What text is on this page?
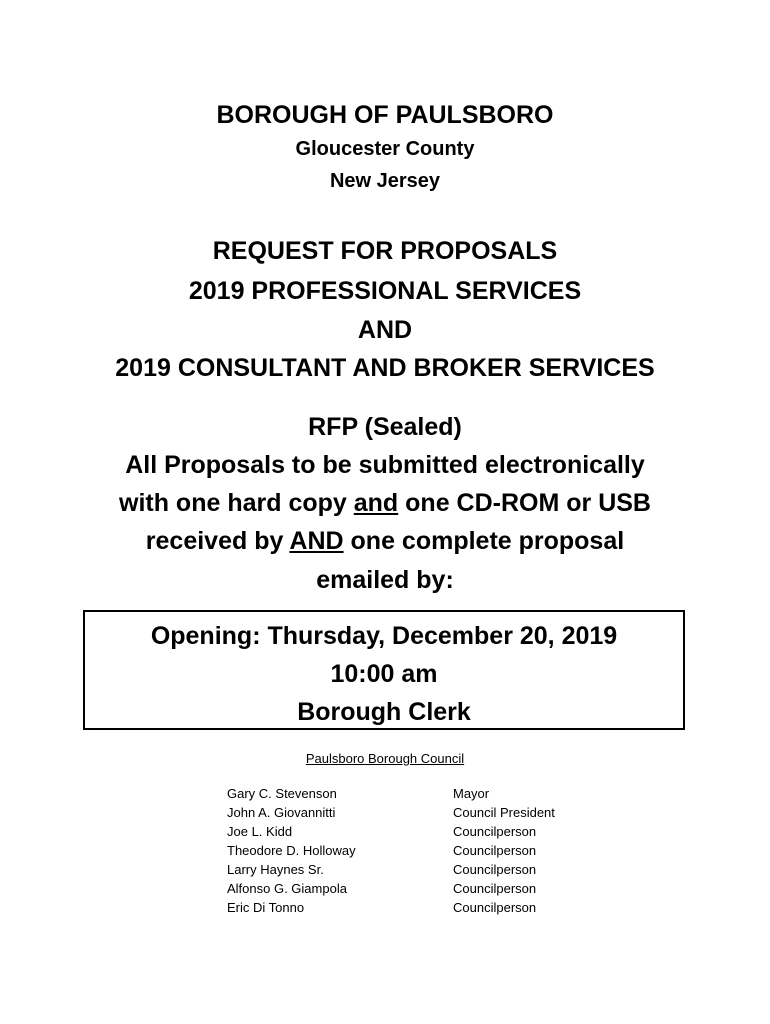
BOROUGH OF PAULSBORO
Gloucester County
New Jersey
REQUEST FOR PROPOSALS
2019 PROFESSIONAL SERVICES
AND
2019 CONSULTANT AND BROKER SERVICES
RFP (Sealed)
All Proposals to be submitted electronically
with one hard copy and one CD-ROM or USB
received by AND one complete proposal
emailed by:
Opening: Thursday, December 20, 2019
10:00 am
Borough Clerk
Paulsboro Borough Council
Gary C. Stevenson	Mayor
John A. Giovannitti	Council President
Joe L. Kidd	Councilperson
Theodore D. Holloway	Councilperson
Larry Haynes Sr.	Councilperson
Alfonso G. Giampola	Councilperson
Eric Di Tonno	Councilperson
